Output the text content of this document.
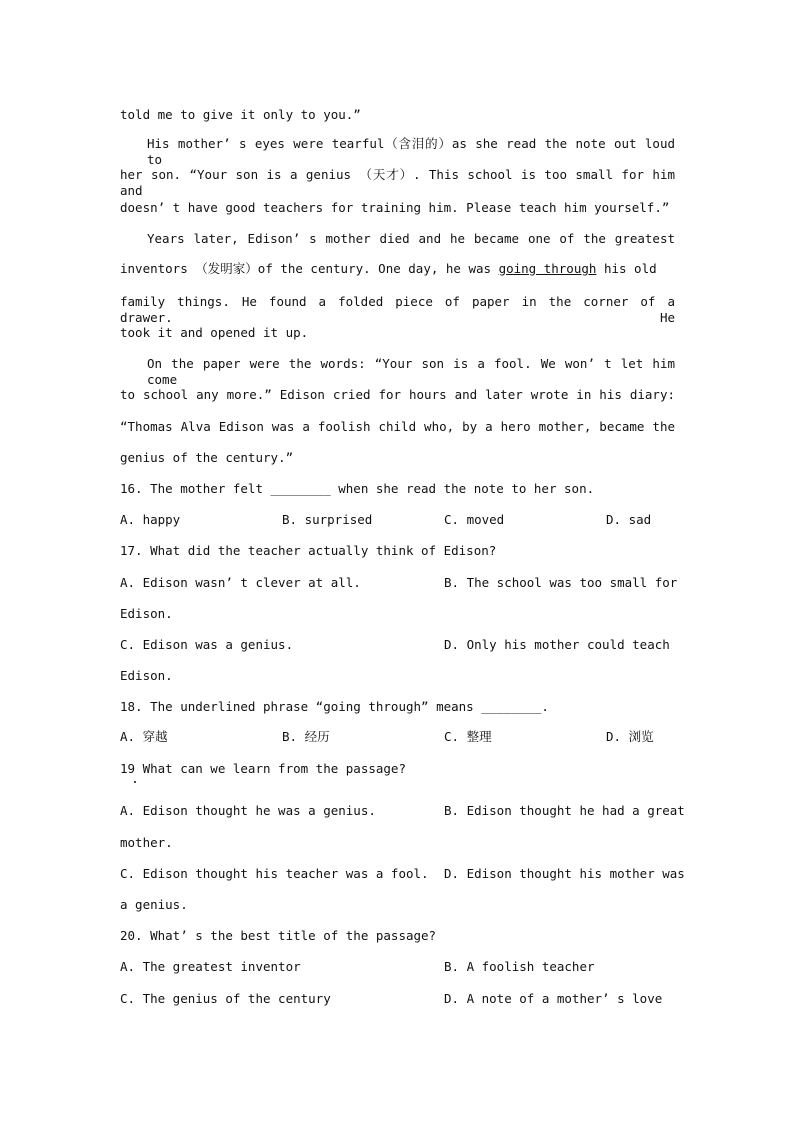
told me to give it only to you.”
His mother’ s eyes were tearful（含泪的）as she read the note out loud to
her son. “Your son is a genius （天才）. This school is too small for him and
doesn’ t have good teachers for training him. Please teach him yourself.”
Years later, Edison’ s mother died and he became one of the greatest
inventors （发明家）of the century. One day, he was going through his old
family things. He found a folded piece of paper in the corner of a drawer. He
took it and opened it up.
On the paper were the words: “Your son is a fool. We won’ t let him come
to school any more.” Edison cried for hours and later wrote in his diary:
“Thomas Alva Edison was a foolish child who, by a hero mother, became the
genius of the century.”
16. The mother felt ________ when she read the note to her son.
A. happy	B. surprised	C. moved	D. sad
17. What did the teacher actually think of Edison?
A. Edison wasn’ t clever at all.	B. The school was too small for
Edison.
C. Edison was a genius.	D. Only his mother could teach
Edison.
18. The underlined phrase “going through” means ________.
A. 穿越	B. 经历	C. 整理	D. 浏览
19 What can we learn from the passage?
A. Edison thought he was a genius.	B. Edison thought he had a great
mother.
C. Edison thought his teacher was a fool. D. Edison thought his mother was
a genius.
20. What’ s the best title of the passage?
A. The greatest inventor	B. A foolish teacher
C. The genius of the century	D. A note of a mother’ s love
